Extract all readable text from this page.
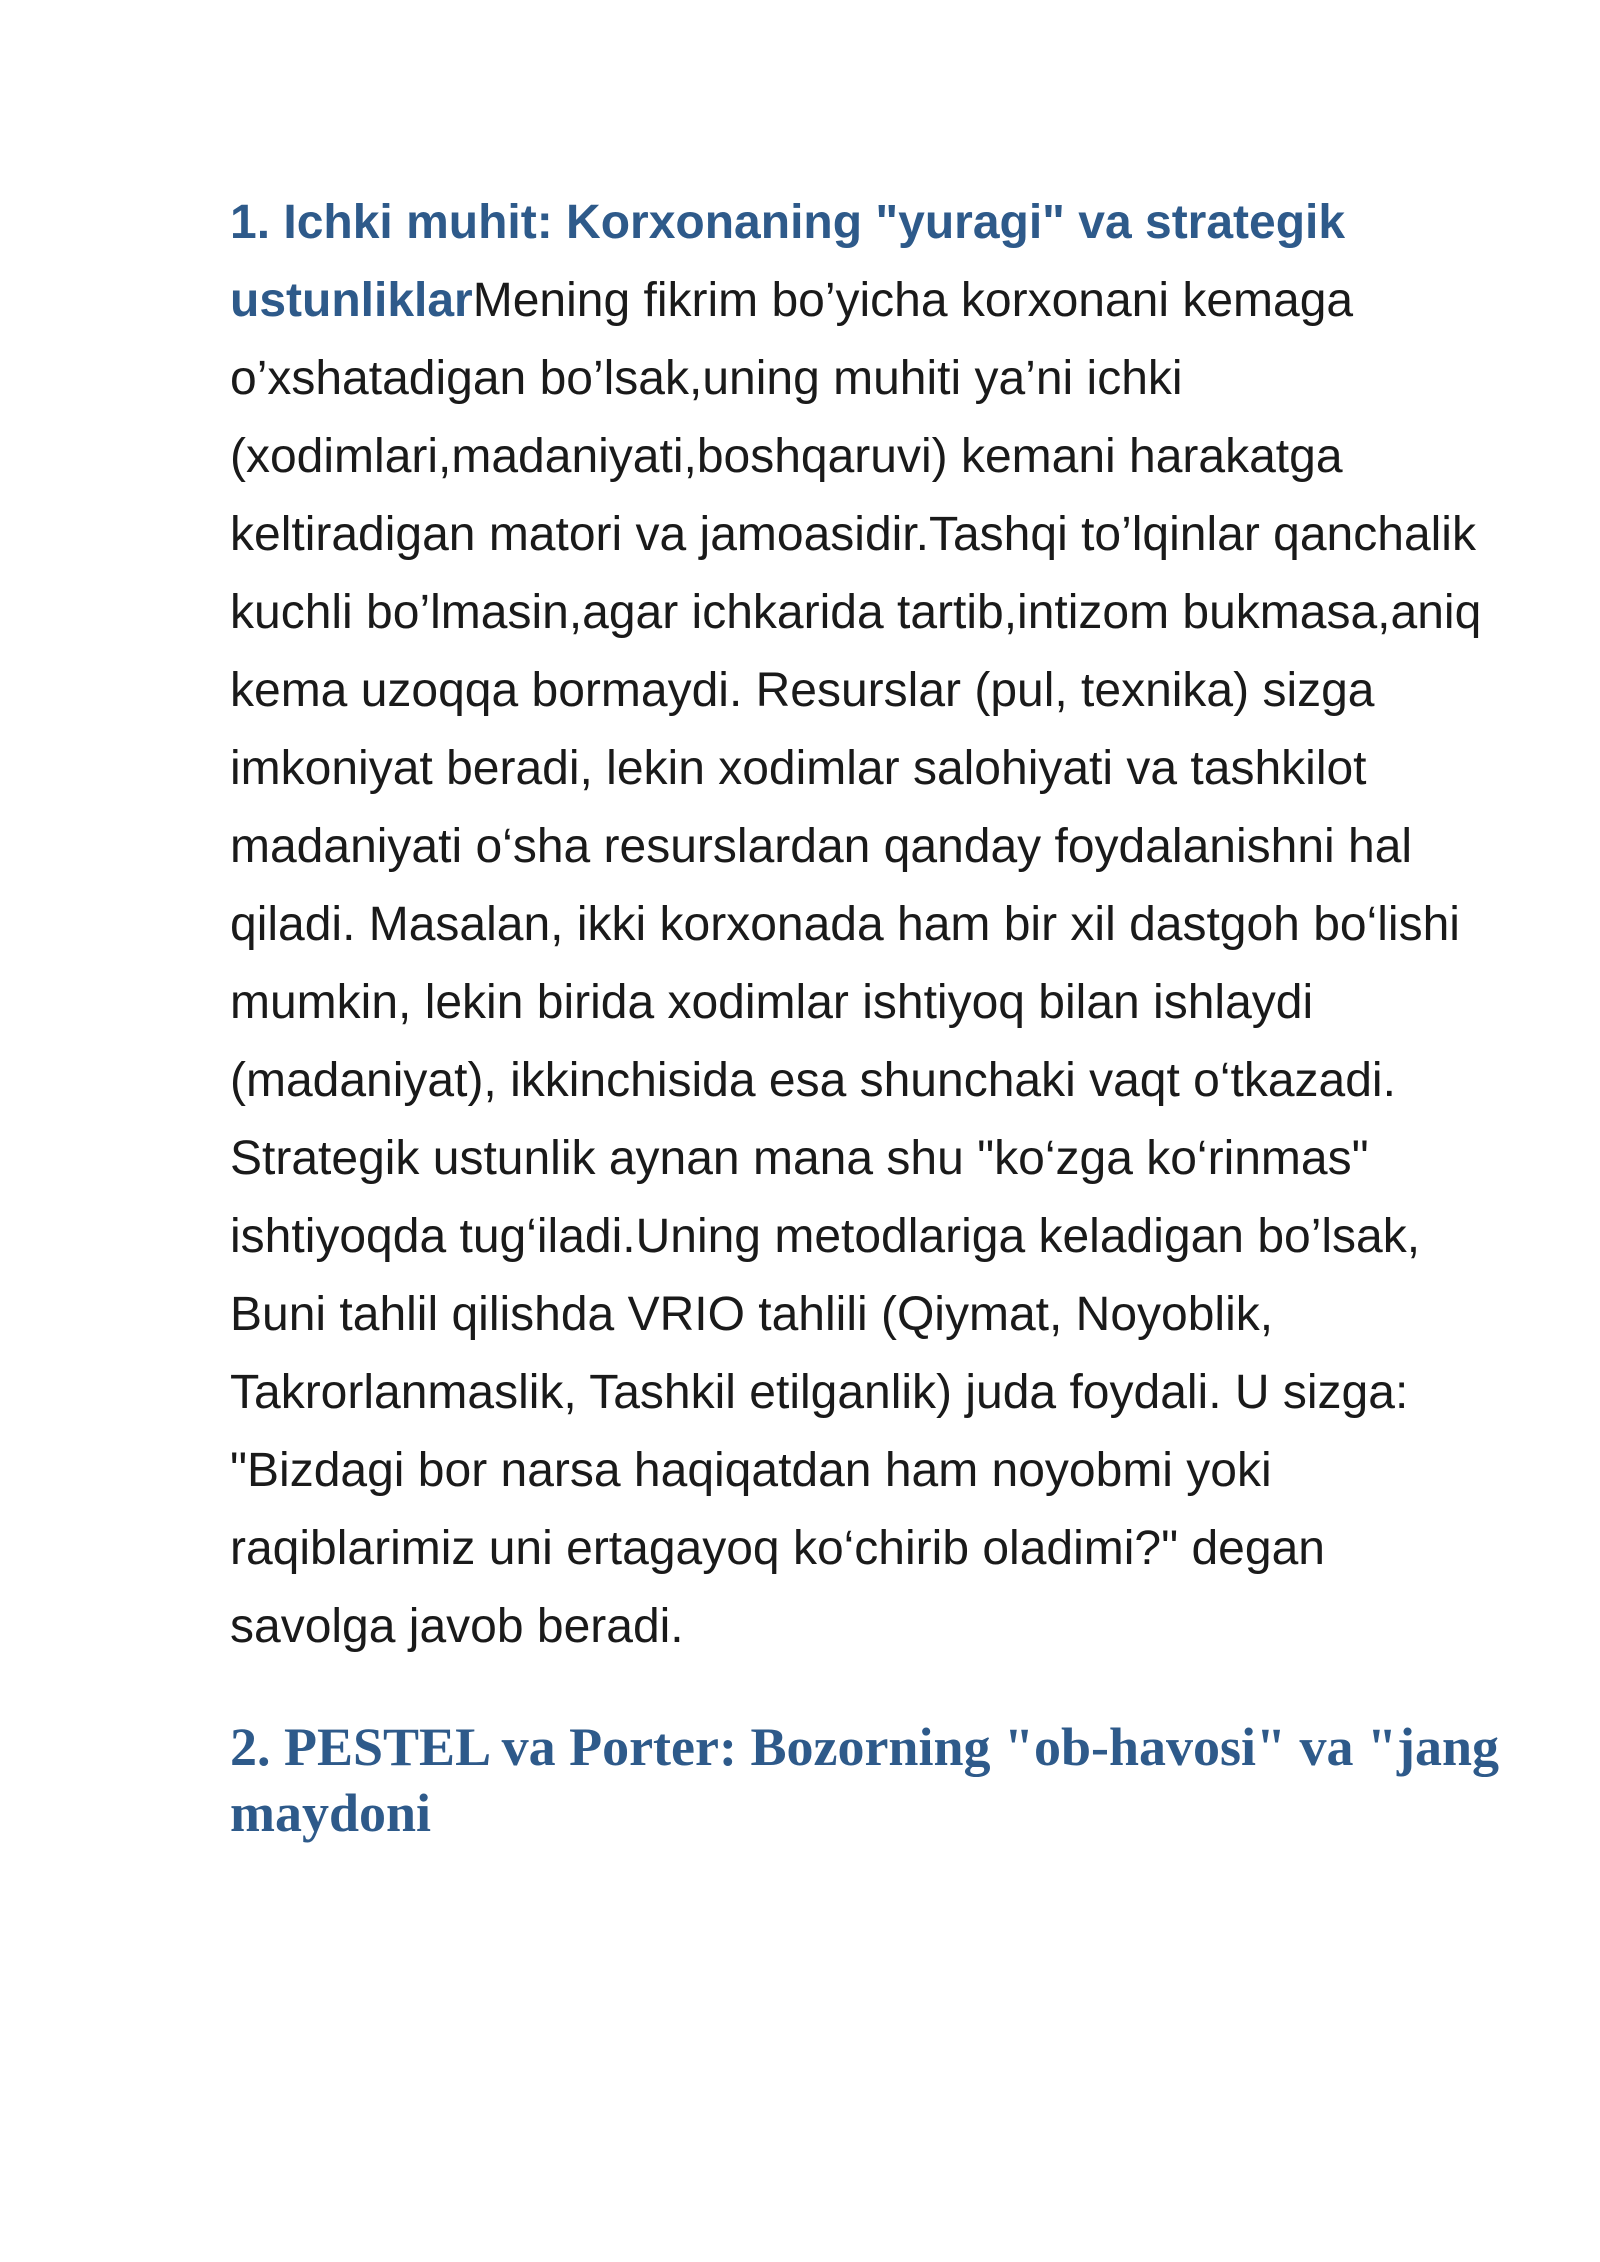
1. Ichki muhit: Korxonaning "yuragi" va strategik ustunliklarMening fikrim bo’yicha korxonani kemaga o’xshatadigan bo’lsak,uning muhiti ya’ni ichki (xodimlari,madaniyati,boshqaruvi) kemani harakatga keltiradigan matori va jamoasidir.Tashqi to’lqinlar qanchalik kuchli bo’lmasin,agar ichkarida tartib,intizom bukmasa,aniq kema uzoqqa bormaydi. Resurslar (pul, texnika) sizga imkoniyat beradi, lekin xodimlar salohiyati va tashkilot madaniyati o‘sha resurslardan qanday foydalanishni hal qiladi. Masalan, ikki korxonada ham bir xil dastgoh bo‘lishi mumkin, lekin birida xodimlar ishtiyoq bilan ishlaydi (madaniyat), ikkinchisida esa shunchaki vaqt o‘tkazadi. Strategik ustunlik aynan mana shu "ko‘zga ko‘rinmas" ishtiyoqda tug‘iladi.Uning metodlariga keladigan bo’lsak, Buni tahlil qilishda VRIO tahlili (Qiymat, Noyoblik, Takrorlanmaslik, Tashkil etilganlik) juda foydali. U sizga: "Bizdagi bor narsa haqiqatdan ham noyobmi yoki raqiblarimiz uni ertagayoq ko‘chirib oladimi?" degan savolga javob beradi.

2. PESTEL va Porter: Bozorning "ob-havosi" va "jang maydoni
